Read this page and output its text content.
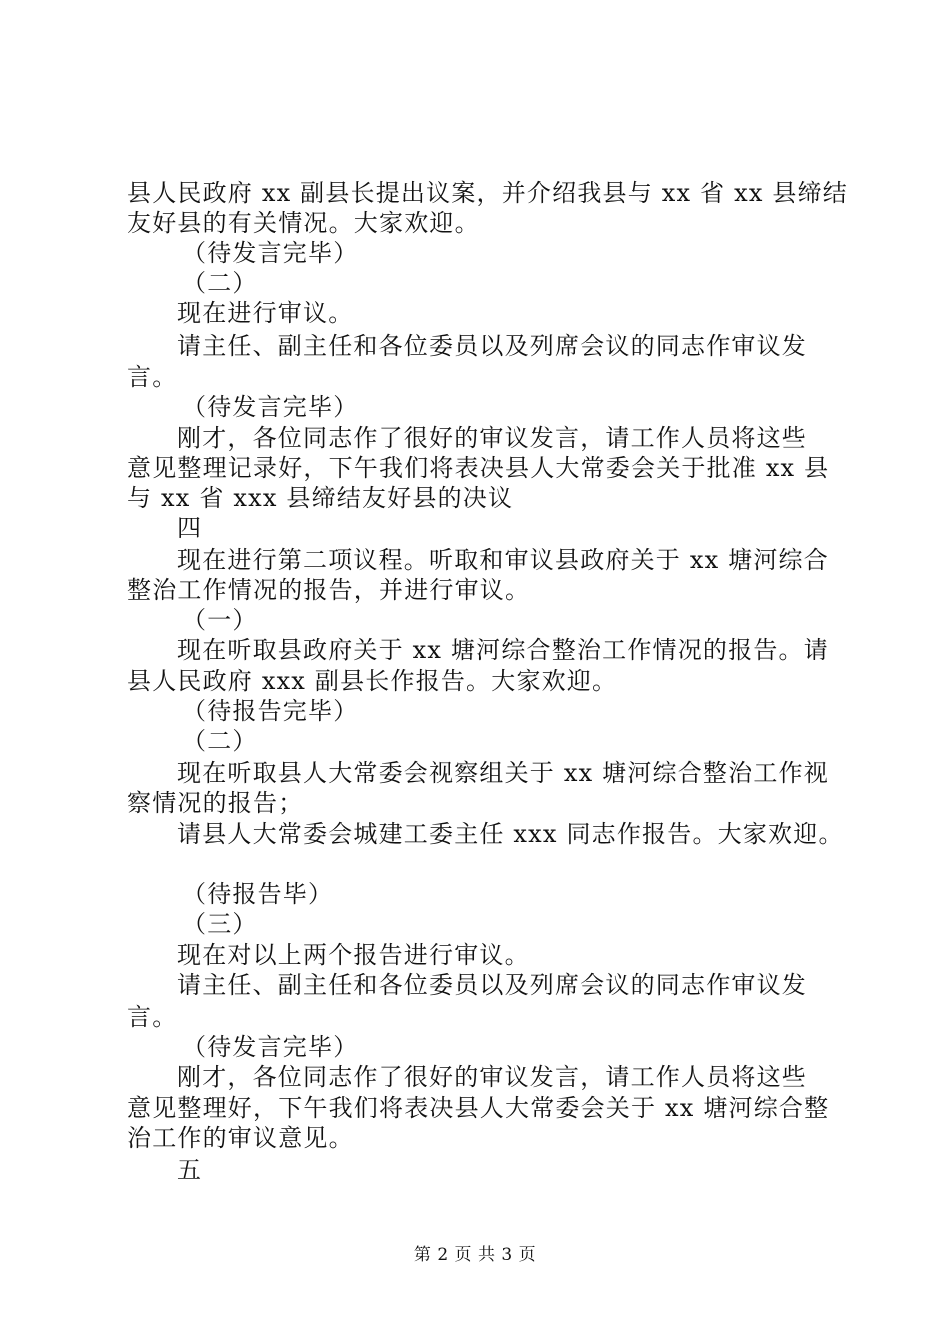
县人民政府 xx 副县长提出议案，并介绍我县与 xx 省 xx 县缔结
友好县的有关情况。大家欢迎。
（待发言完毕）
（二）
现在进行审议。
请主任、副主任和各位委员以及列席会议的同志作审议发
言。
（待发言完毕）
刚才，各位同志作了很好的审议发言，请工作人员将这些
意见整理记录好，下午我们将表决县人大常委会关于批准 xx 县
与 xx 省 xxx 县缔结友好县的决议
四
现在进行第二项议程。听取和审议县政府关于 xx 塘河综合
整治工作情况的报告，并进行审议。
（一）
现在听取县政府关于 xx 塘河综合整治工作情况的报告。请
县人民政府 xxx 副县长作报告。大家欢迎。
（待报告完毕）
（二）
现在听取县人大常委会视察组关于 xx 塘河综合整治工作视
察情况的报告；
请县人大常委会城建工委主任 xxx 同志作报告。大家欢迎。
（待报告毕）
（三）
现在对以上两个报告进行审议。
请主任、副主任和各位委员以及列席会议的同志作审议发
言。
（待发言完毕）
刚才，各位同志作了很好的审议发言，请工作人员将这些
意见整理好，下午我们将表决县人大常委会关于 xx 塘河综合整
治工作的审议意见。
五
第 2 页 共 3 页
